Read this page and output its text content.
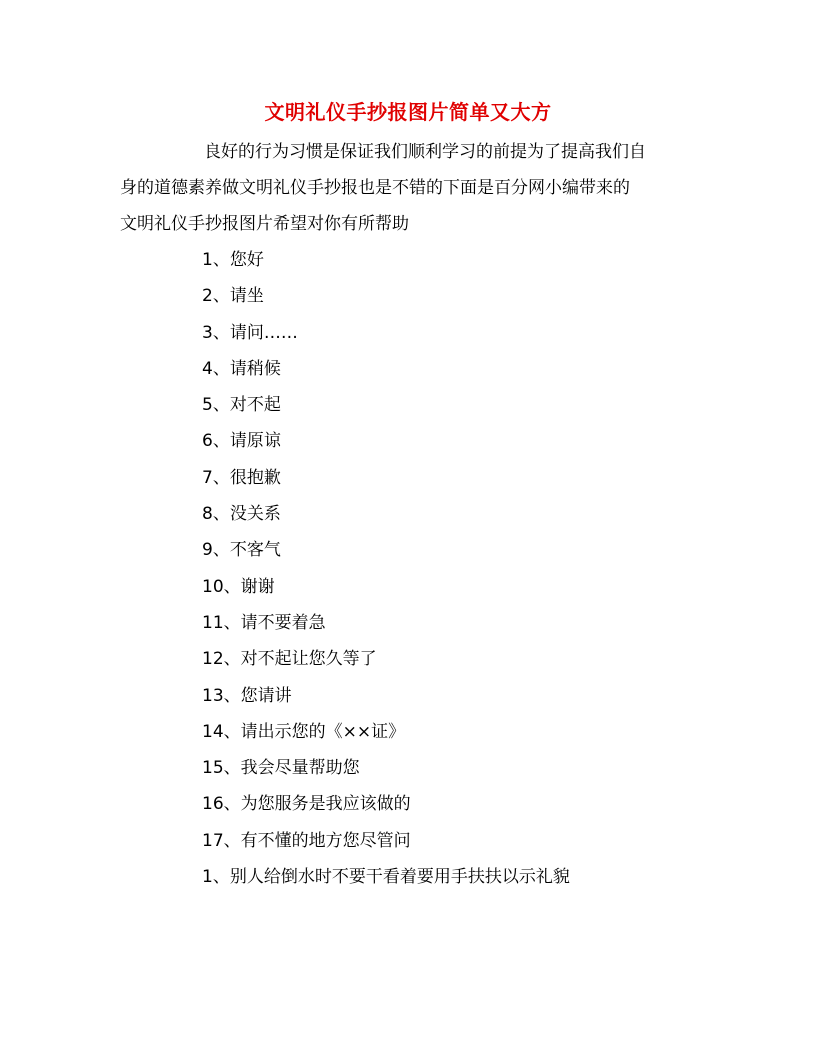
文明礼仪手抄报图片简单又大方

良好的行为习惯是保证我们顺利学习的前提为了提高我们自
身的道德素养做文明礼仪手抄报也是不错的下面是百分网小编带来的
文明礼仪手抄报图片希望对你有所帮助

1、您好
2、请坐
3、请问……
4、请稍候
5、对不起
6、请原谅
7、很抱歉
8、没关系
9、不客气
10、谢谢
11、请不要着急
12、对不起让您久等了
13、您请讲
14、请出示您的《××证》
15、我会尽量帮助您
16、为您服务是我应该做的
17、有不懂的地方您尽管问
1、别人给倒水时不要干看着要用手扶扶以示礼貌
